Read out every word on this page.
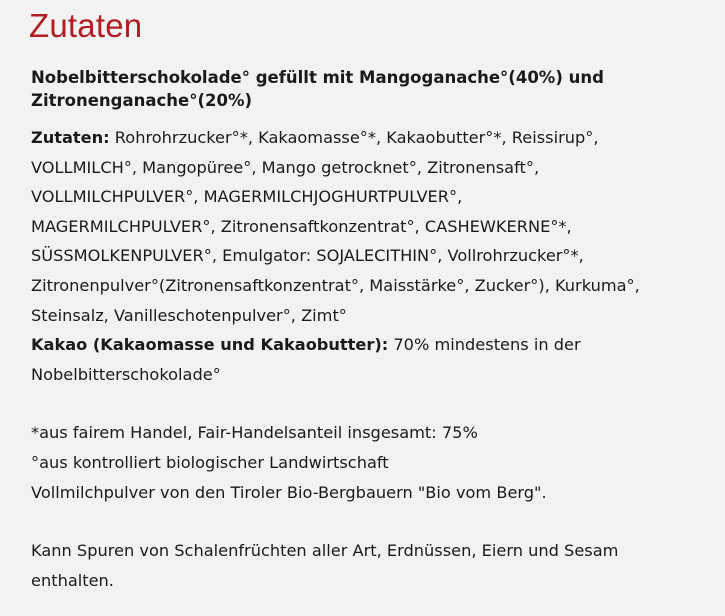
Zutaten
Nobelbitterschokolade° gefüllt mit Mangoganache°(40%) und
Zitronenganache°(20%)
Zutaten: Rohrohrzucker°*, Kakaomasse°*, Kakaobutter°*, Reissirup°,
VOLLMILCH°, Mangopüree°, Mango getrocknet°, Zitronensaft°,
VOLLMILCHPULVER°, MAGERMILCHJOGHURTPULVER°,
MAGERMILCHPULVER°, Zitronensaftkonzentrat°, CASHEWKERNE°*,
SÜSSMOLKENPULVER°, Emulgator: SOJALECITHIN°, Vollrohrzucker°*,
Zitronenpulver°(Zitronensaftkonzentrat°, Maisstärke°, Zucker°), Kurkuma°,
Steinsalz, Vanilleschotenpulver°, Zimt°
Kakao (Kakaomasse und Kakaobutter): 70% mindestens in der
Nobelbitterschokolade°
*aus fairem Handel, Fair-Handelsanteil insgesamt: 75%
°aus kontrolliert biologischer Landwirtschaft
Vollmilchpulver von den Tiroler Bio-Bergbauern "Bio vom Berg".
Kann Spuren von Schalenfrüchten aller Art, Erdnüssen, Eiern und Sesam
enthalten.
